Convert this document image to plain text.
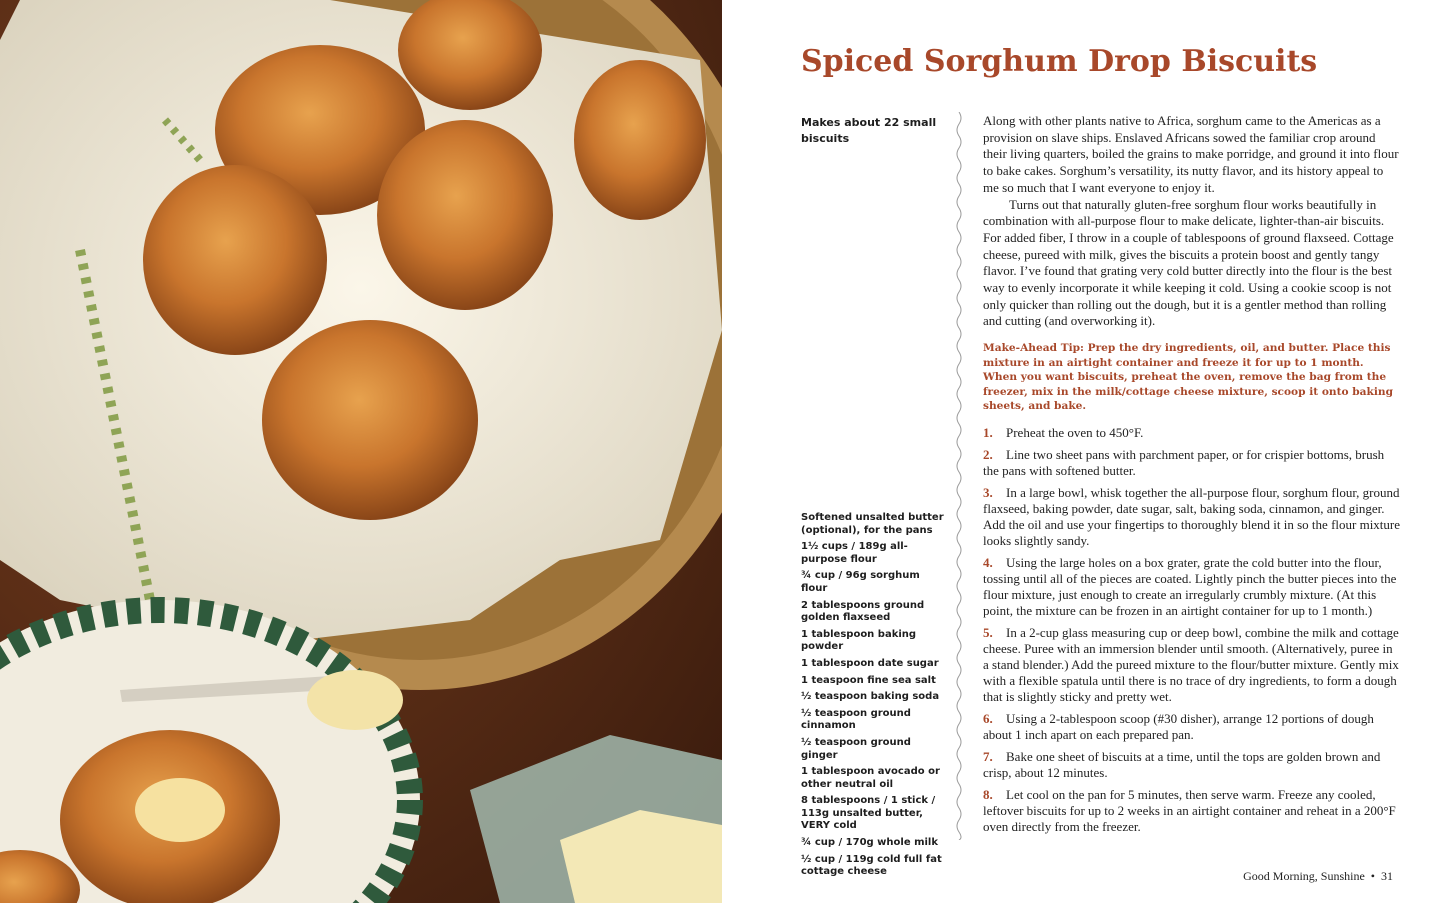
Spiced Sorghum Drop Biscuits
Makes about 22 small biscuits

Along with other plants native to Africa, sorghum came to the Americas as a provision on slave ships. Enslaved Africans sowed the familiar crop around their living quarters, boiled the grains to make porridge, and ground it into flour to bake cakes. Sorghum’s versatility, its nutty flavor, and its history appeal to me so much that I want everyone to enjoy it.

Turns out that naturally gluten-free sorghum flour works beautifully in combination with all-purpose flour to make delicate, lighter-than-air biscuits. For added fiber, I throw in a couple of tablespoons of ground flaxseed. Cottage cheese, pureed with milk, gives the biscuits a protein boost and gently tangy flavor. I’ve found that grating very cold butter directly into the flour is the best way to evenly incorporate it while keeping it cold. Using a cookie scoop is not only quicker than rolling out the dough, but it is a gentler method than rolling and cutting (and overworking it).

Make-Ahead Tip: Prep the dry ingredients, oil, and butter. Place this mixture in an airtight container and freeze it for up to 1 month. When you want biscuits, preheat the oven, remove the bag from the freezer, mix in the milk/cottage cheese mixture, scoop it onto baking sheets, and bake.
Softened unsalted butter (optional), for the pans
1½ cups / 189g all-purpose flour
¾ cup / 96g sorghum flour
2 tablespoons ground golden flaxseed
1 tablespoon baking powder
1 tablespoon date sugar
1 teaspoon fine sea salt
½ teaspoon baking soda
½ teaspoon ground cinnamon
½ teaspoon ground ginger
1 tablespoon avocado or other neutral oil
8 tablespoons / 1 stick / 113g unsalted butter, VERY cold
¾ cup / 170g whole milk
½ cup / 119g cold full fat cottage cheese
1. Preheat the oven to 450°F.
2. Line two sheet pans with parchment paper, or for crispier bottoms, brush the pans with softened butter.
3. In a large bowl, whisk together the all-purpose flour, sorghum flour, ground flaxseed, baking powder, date sugar, salt, baking soda, cinnamon, and ginger. Add the oil and use your fingertips to thoroughly blend it in so the flour mixture looks slightly sandy.
4. Using the large holes on a box grater, grate the cold butter into the flour, tossing until all of the pieces are coated. Lightly pinch the butter pieces into the flour mixture, just enough to create an irregularly crumbly mixture. (At this point, the mixture can be frozen in an airtight container for up to 1 month.)
5. In a 2-cup glass measuring cup or deep bowl, combine the milk and cottage cheese. Puree with an immersion blender until smooth. (Alternatively, puree in a stand blender.) Add the pureed mixture to the flour/butter mixture. Gently mix with a flexible spatula until there is no trace of dry ingredients, to form a dough that is slightly sticky and pretty wet.
6. Using a 2-tablespoon scoop (#30 disher), arrange 12 portions of dough about 1 inch apart on each prepared pan.
7. Bake one sheet of biscuits at a time, until the tops are golden brown and crisp, about 12 minutes.
8. Let cool on the pan for 5 minutes, then serve warm. Freeze any cooled, leftover biscuits for up to 2 weeks in an airtight container and reheat in a 200°F oven directly from the freezer.
Good Morning, Sunshine • 31
